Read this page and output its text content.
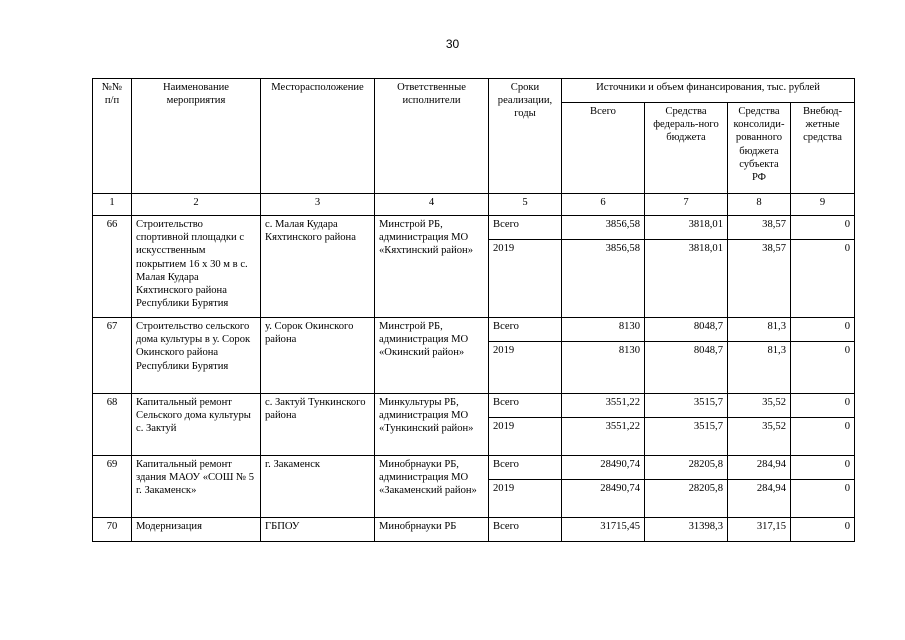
30
№№ п/п	Наименование мероприятия	Месторасположение	Ответственные исполнители	Сроки реализации, годы	Источники и объем финансирования, тыс. рублей			
					Всего	Средства федераль-ного бюджета	Средства консолиди-рованного бюджета субъекта РФ	Внебюд-жетные средства
1	2	3	4	5	6	7	8	9
66	Строительство спортивной площадки с искусственным покрытием 16 х 30 м в с. Малая Кудара Кяхтинского района Республики Бурятия	с. Малая Кудара Кяхтинского района	Минстрой РБ, администрация МО «Кяхтинский район»	Всего	3856,58	3818,01	38,57	0
				2019	3856,58	3818,01	38,57	0
67	Строительство сельского дома культуры в у. Сорок Окинского района Республики Бурятия	у. Сорок Окинского района	Минстрой РБ, администрация МО «Окинский район»	Всего	8130	8048,7	81,3	0
				2019	8130	8048,7	81,3	0
68	Капитальный ремонт Сельского дома культуры с. Зактуй	с. Зактуй Тункинского района	Минкультуры РБ, администрация МО «Тункинский район»	Всего	3551,22	3515,7	35,52	0
				2019	3551,22	3515,7	35,52	0
69	Капитальный ремонт здания МАОУ «СОШ № 5 г. Закаменск»	г. Закаменск	Минобрнауки РБ, администрация МО «Закаменский район»	Всего	28490,74	28205,8	284,94	0
				2019	28490,74	28205,8	284,94	0
70	Модернизация	ГБПОУ	Минобрнауки РБ	Всего	31715,45	31398,3	317,15	0
